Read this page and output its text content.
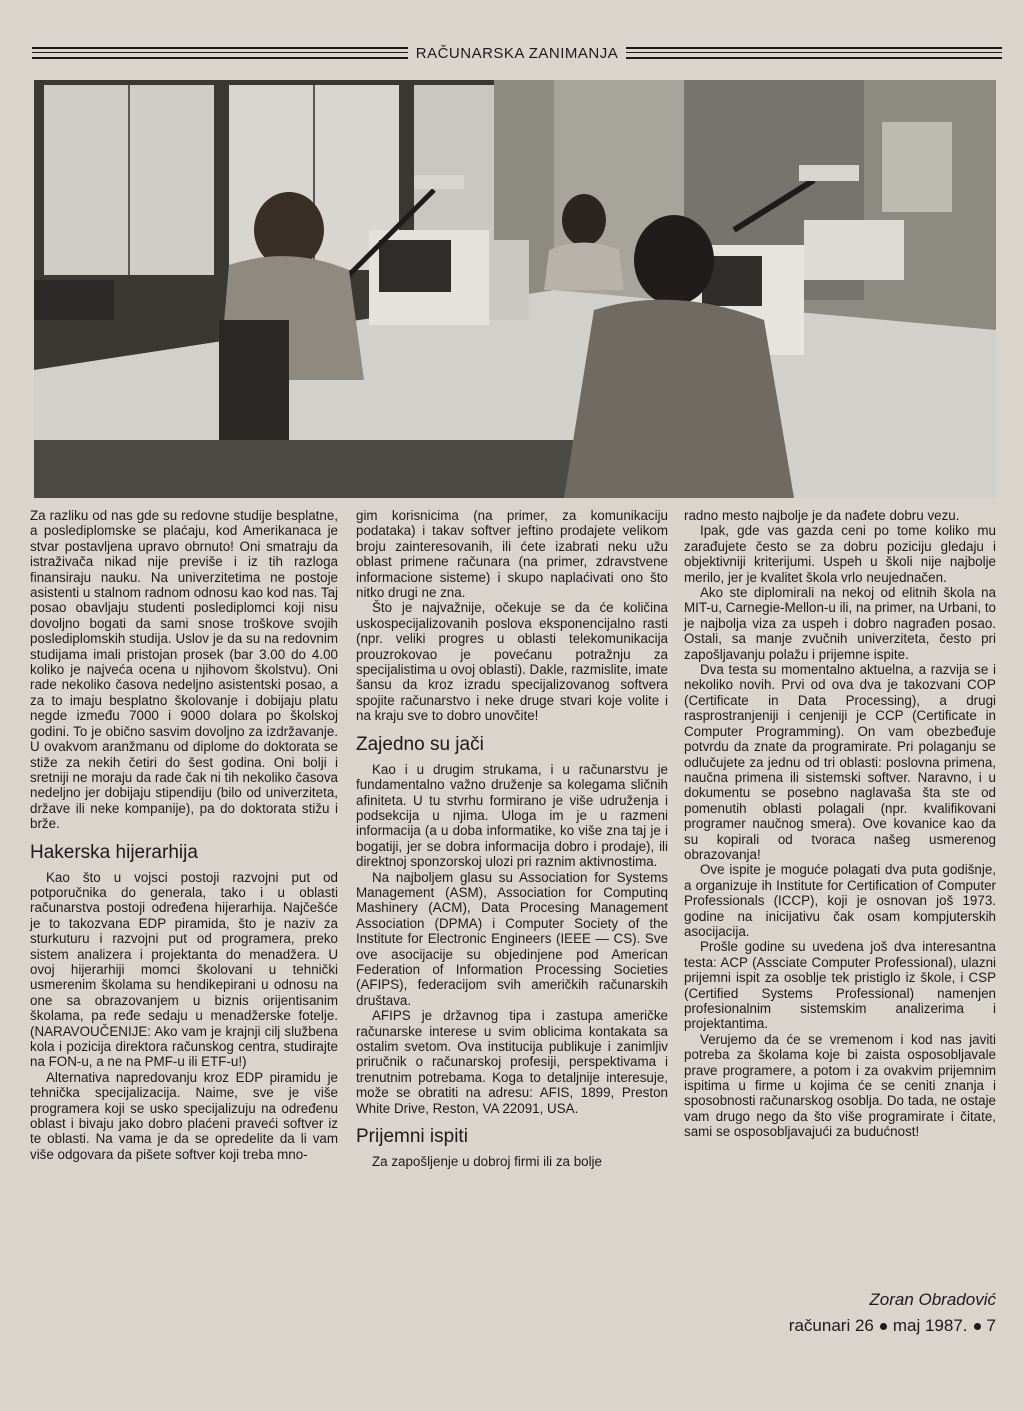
RAČUNARSKA ZANIMANJA

Za razliku od nas gde su redovne studije besplatne, a poslediplomske se plaćaju, kod Amerikanaca je stvar postavljena upravo obrnuto! Oni smatraju da istraživača nikad nije previše i iz tih razloga finansiraju nauku. Na univerzitetima ne postoje asistenti u stalnom radnom odnosu kao kod nas. Taj posao obavljaju studenti poslediplomci koji nisu dovoljno bogati da sami snose troškove svojih poslediplomskih studija. Uslov je da su na redovnim studijama imali pristojan prosek (bar 3.00 do 4.00 koliko je najveća ocena u njihovom školstvu). Oni rade nekoliko časova nedeljno asistentski posao, a za to imaju besplatno školovanje i dobijaju platu negde između 7000 i 9000 dolara po školskoj godini. To je obično sasvim dovoljno za izdržavanje. U ovakvom aranžmanu od diplome do doktorata se stiže za nekih četiri do šest godina. Oni bolji i sretniji ne moraju da rade čak ni tih nekoliko časova nedeljno jer dobijaju stipendiju (bilo od univerziteta, države ili neke kompanije), pa do doktorata stižu i brže.

Hakerska hijerarhija

Kao što u vojsci postoji razvojni put od potporučnika do generala, tako i u oblasti računarstva postoji određena hijerarhija. Najčešće je to takozvana EDP piramida, što je naziv za sturkuturu i razvojni put od programera, preko sistem analizera i projektanta do menadžera. U ovoj hijerarhiji momci školovani u tehnički usmerenim školama su hendikepirani u odnosu na one sa obrazovanjem u biznis orijentisanim školama, pa ređe sedaju u menadžerske fotelje. (NARAVOUČENIJE: Ako vam je krajnji cilj službena kola i pozicija direktora računskog centra, studirajte na FON-u, a ne na PMF-u ili ETF-u!)

Alternativa napredovanju kroz EDP piramidu je tehnička specijalizacija. Naime, sve je više programera koji se usko specijalizuju na određenu oblast i bivaju jako dobro plaćeni praveći softver iz te oblasti. Na vama je da se opredelite da li vam više odgovara da pišete softver koji treba mno-

gim korisnicima (na primer, za komunikaciju podataka) i takav softver jeftino prodajete velikom broju zainteresovanih, ili ćete izabrati neku užu oblast primene računara (na primer, zdravstvene informacione sisteme) i skupo naplaćivati ono što nitko drugi ne zna.

Što je najvažnije, očekuje se da će količina uskospecijalizovanih poslova eksponencijalno rasti (npr. veliki progres u oblasti telekomunikacija prouzrokovao je povećanu potražnju za specijalistima u ovoj oblasti). Dakle, razmislite, imate šansu da kroz izradu specijalizovanog softvera spojite računarstvo i neke druge stvari koje volite i na kraju sve to dobro unovčite!

Zajedno su jači

Kao i u drugim strukama, i u računarstvu je fundamentalno važno druženje sa kolegama sličnih afiniteta. U tu stvrhu formirano je više udruženja i podsekcija u njima. Uloga im je u razmeni informacija (a u doba informatike, ko više zna taj je i bogatiji, jer se dobra informacija dobro i prodaje), ili direktnoj sponzorskoj ulozi pri raznim aktivnostima.

Na najboljem glasu su Association for Systems Management (ASM), Association for Computinq Mashinery (ACM), Data Procesing Management Association (DPMA) i Computer Society of the Institute for Electronic Engineers (IEEE — CS). Sve ove asocijacije su objedinjene pod American Federation of Information Processing Societies (AFIPS), federacijom svih američkih računarskih društava.

AFIPS je državnog tipa i zastupa američke računarske interese u svim oblicima kontakata sa ostalim svetom. Ova institucija publikuje i zanimljiv priručnik o računarskoj profesiji, perspektivama i trenutnim potrebama. Koga to detaljnije interesuje, može se obratiti na adresu: AFIS, 1899, Preston White Drive, Reston, VA 22091, USA.

Prijemni ispiti

Za zapošljenje u dobroj firmi ili za bolje

radno mesto najbolje je da nađete dobru vezu.

Ipak, gde vas gazda ceni po tome koliko mu zarađujete često se za dobru poziciju gledaju i objektivniji kriterijumi. Uspeh u školi nije najbolje merilo, jer je kvalitet škola vrlo neujednačen.

Ako ste diplomirali na nekoj od elitnih škola na MIT-u, Carnegie-Mellon-u ili, na primer, na Urbani, to je najbolja viza za uspeh i dobro nagrađen posao. Ostali, sa manje zvučnih univerziteta, često pri zapošljavanju polažu i prijemne ispite.

Dva testa su momentalno aktuelna, a razvija se i nekoliko novih. Prvi od ova dva je takozvani COP (Certificate in Data Processing), a drugi rasprostranjeniji i cenjeniji je CCP (Certificate in Computer Programming). On vam obezbeđuje potvrdu da znate da programirate. Pri polaganju se odlučujete za jednu od tri oblasti: poslovna primena, naučna primena ili sistemski softver. Naravno, i u dokumentu se posebno naglavaša šta ste od pomenutih oblasti polagali (npr. kvalifikovani programer naučnog smera). Ove kovanice kao da su kopirali od tvoraca našeg usmerenog obrazovanja!

Ove ispite je moguće polagati dva puta godišnje, a organizuje ih Institute for Certification of Computer Professionals (ICCP), koji je osnovan još 1973. godine na inicijativu čak osam kompjuterskih asocijacija.

Prošle godine su uvedena još dva interesantna testa: ACP (Assciate Computer Professional), ulazni prijemni ispit za osoblje tek pristiglo iz škole, i CSP (Certified Systems Professional) namenjen profesionalnim sistemskim analizerima i projektantima.

Verujemo da će se vremenom i kod nas javiti potreba za školama koje bi zaista osposobljavale prave programere, a potom i za ovakvim prijemnim ispitima u firme u kojima će se ceniti znanja i sposobnosti računarskog osoblja. Do tada, ne ostaje vam drugo nego da što više programirate i čitate, sami se osposobljavajući za budućnost!

Zoran Obradović
računari 26 maj 1987. 7
